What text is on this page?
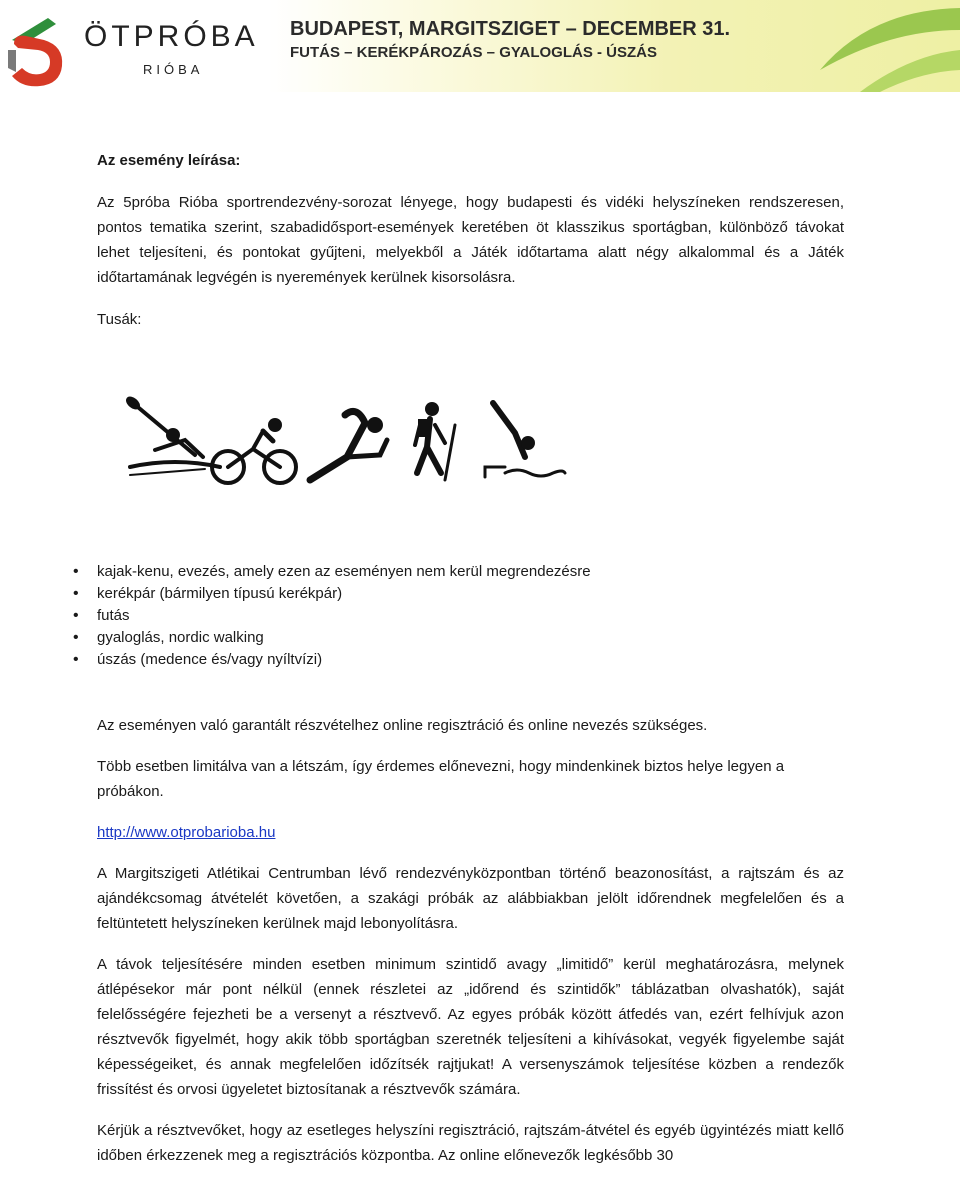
ÖTPRÓBA
RIÓBA
BUDAPEST, MARGITSZIGET – DECEMBER 31.
FUTÁS – KERÉKPÁROZÁS – GYALOGLÁS - ÚSZÁS

Az esemény leírása:

Az 5próba Rióba sportrendezvény-sorozat lényege, hogy budapesti és vidéki helyszíneken rendszeresen, pontos tematika szerint, szabadidősport-események keretében öt klasszikus sportágban, különböző távokat lehet teljesíteni, és pontokat gyűjteni, melyekből a Játék időtartama alatt négy alkalommal és a Játék időtartamának legvégén is nyeremények kerülnek kisorsolásra.

Tusák:

• kajak-kenu, evezés, amely ezen az eseményen nem kerül megrendezésre
• kerékpár (bármilyen típusú kerékpár)
• futás
• gyaloglás, nordic walking
• úszás (medence és/vagy nyíltvízi)

Az eseményen való garantált részvételhez online regisztráció és online nevezés szükséges.

Több esetben limitálva van a létszám, így érdemes előnevezni, hogy mindenkinek biztos helye legyen a próbákon.

http://www.otprobarioba.hu

A Margitszigeti Atlétikai Centrumban lévő rendezvényközpontban történő beazonosítást, a rajtszám és az ajándékcsomag átvételét követően, a szakági próbák az alábbiakban jelölt időrendnek megfelelően és a feltüntetett helyszíneken kerülnek majd lebonyolításra.

A távok teljesítésére minden esetben minimum szintidő avagy „limitidő” kerül meghatározásra, melynek átlépésekor már pont nélkül (ennek részletei az „időrend és szintidők” táblázatban olvashatók), saját felelősségére fejezheti be a versenyt a résztvevő. Az egyes próbák között átfedés van, ezért felhívjuk azon résztvevők figyelmét, hogy akik több sportágban szeretnék teljesíteni a kihívásokat, vegyék figyelembe saját képességeiket, és annak megfelelően időzítsék rajtjukat! A versenyszámok teljesítése közben a rendezők frissítést és orvosi ügyeletet biztosítanak a résztvevők számára.

Kérjük a résztvevőket, hogy az esetleges helyszíni regisztráció, rajtszám-átvétel és egyéb ügyintézés miatt kellő időben érkezzenek meg a regisztrációs központba. Az online előnevezők legkésőbb 30
